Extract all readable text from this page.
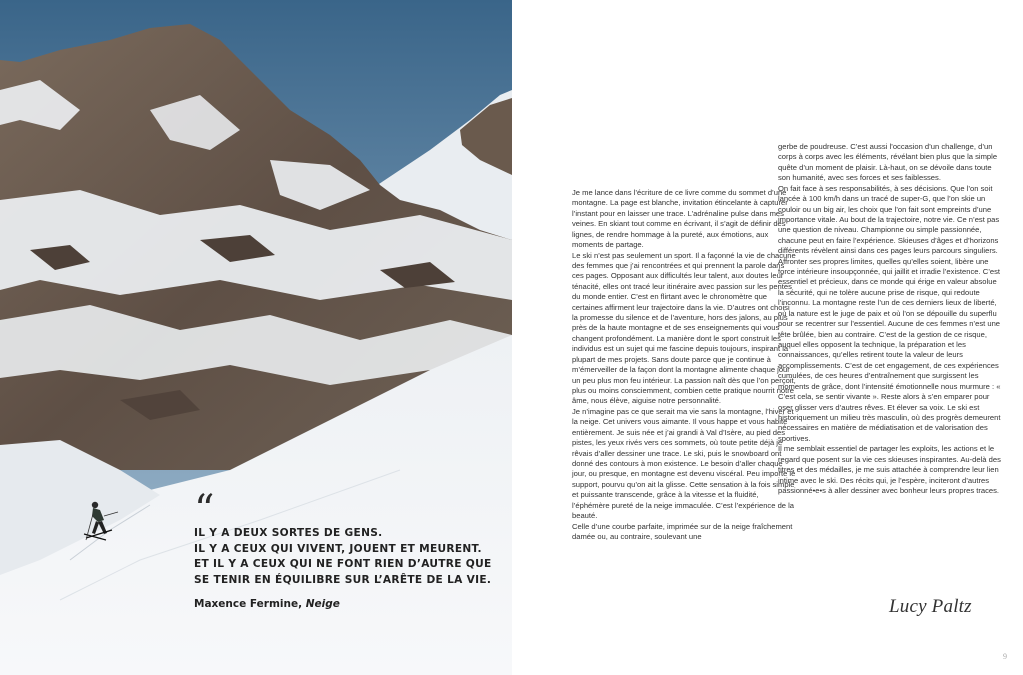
“
IL Y A DEUX SORTES DE GENS.
IL Y A CEUX QUI VIVENT, JOUENT ET MEURENT.
ET IL Y A CEUX QUI NE FONT RIEN D’AUTRE QUE
SE TENIR EN ÉQUILIBRE SUR L’ARÊTE DE LA VIE.
Maxence Fermine, Neige

Je me lance dans l’écriture de ce livre comme du sommet d’une montagne. La page est blanche, invitation étincelante à capturer l’instant pour en laisser une trace. L’adrénaline pulse dans mes veines. En skiant tout comme en écrivant, il s’agit de définir des lignes, de rendre hommage à la pureté, aux émotions, aux moments de partage.

Le ski n’est pas seulement un sport. Il a façonné la vie de chacune des femmes que j’ai rencontrées et qui prennent la parole dans ces pages. Opposant aux difficultés leur talent, aux doutes leur ténacité, elles ont tracé leur itinéraire avec passion sur les pentes du monde entier. C’est en flirtant avec le chronomètre que certaines affirment leur trajectoire dans la vie. D’autres ont choisi la promesse du silence et de l’aventure, hors des jalons, au plus près de la haute montagne et de ses enseignements qui vous changent profondément. La manière dont le sport construit les individus est un sujet qui me fascine depuis toujours, inspirant la plupart de mes projets. Sans doute parce que je continue à m’émerveiller de la façon dont la montagne alimente chaque jour un peu plus mon feu intérieur. La passion naît dès que l’on perçoit, plus ou moins consciemment, combien cette pratique nourrit notre âme, nous élève, aiguise notre personnalité.

Je n’imagine pas ce que serait ma vie sans la montagne, l’hiver et la neige. Cet univers vous aimante. Il vous happe et vous habite entièrement. Je suis née et j’ai grandi à Val d’Isère, au pied des pistes, les yeux rivés vers ces sommets, où toute petite déjà je rêvais d’aller dessiner une trace. Le ski, puis le snowboard ont donné des contours à mon existence. Le besoin d’aller chaque jour, ou presque, en montagne est devenu viscéral. Peu importe le support, pourvu qu’on ait la glisse. Cette sensation à la fois simple et puissante transcende, grâce à la vitesse et la fluidité, l’éphémère pureté de la neige immaculée. C’est l’expérience de la beauté.

Celle d’une courbe parfaite, imprimée sur de la neige fraîchement damée ou, au contraire, soulevant une

gerbe de poudreuse. C’est aussi l’occasion d’un challenge, d’un corps à corps avec les éléments, révélant bien plus que la simple quête d’un moment de plaisir. Là-haut, on se dévoile dans toute son humanité, avec ses forces et ses faiblesses.

On fait face à ses responsabilités, à ses décisions. Que l’on soit lancée à 100 km/h dans un tracé de super-G, que l’on skie un couloir ou un big air, les choix que l’on fait sont empreints d’une importance vitale. Au bout de la trajectoire, notre vie. Ce n’est pas une question de niveau. Championne ou simple passionnée, chacune peut en faire l’expérience. Skieuses d’âges et d’horizons différents révèlent ainsi dans ces pages leurs parcours singuliers. Affronter ses propres limites, quelles qu’elles soient, libère une force intérieure insoupçonnée, qui jaillit et irradie l’existence. C’est essentiel et précieux, dans ce monde qui érige en valeur absolue la sécurité, qui ne tolère aucune prise de risque, qui redoute l’inconnu. La montagne reste l’un de ces derniers lieux de liberté, où la nature est le juge de paix et où l’on se dépouille du superflu pour se recentrer sur l’essentiel. Aucune de ces femmes n’est une tête brûlée, bien au contraire. C’est de la gestion de ce risque, auquel elles opposent la technique, la préparation et les connaissances, qu’elles retirent toute la valeur de leurs accomplissements. C’est de cet engagement, de ces expériences cumulées, de ces heures d’entraînement que surgissent les moments de grâce, dont l’intensité émotionnelle nous murmure : « C’est cela, se sentir vivante ». Reste alors à s’en emparer pour oser glisser vers d’autres rêves. Et élever sa voix. Le ski est historiquement un milieu très masculin, où des progrès demeurent nécessaires en matière de médiatisation et de valorisation des sportives.

Il me semblait essentiel de partager les exploits, les actions et le regard que posent sur la vie ces skieuses inspirantes. Au-delà des titres et des médailles, je me suis attachée à comprendre leur lien intime avec le ski. Des récits qui, je l’espère, inciteront d’autres passionné•e•s à aller dessiner avec bonheur leurs propres traces.

Lucy Paltz
9
